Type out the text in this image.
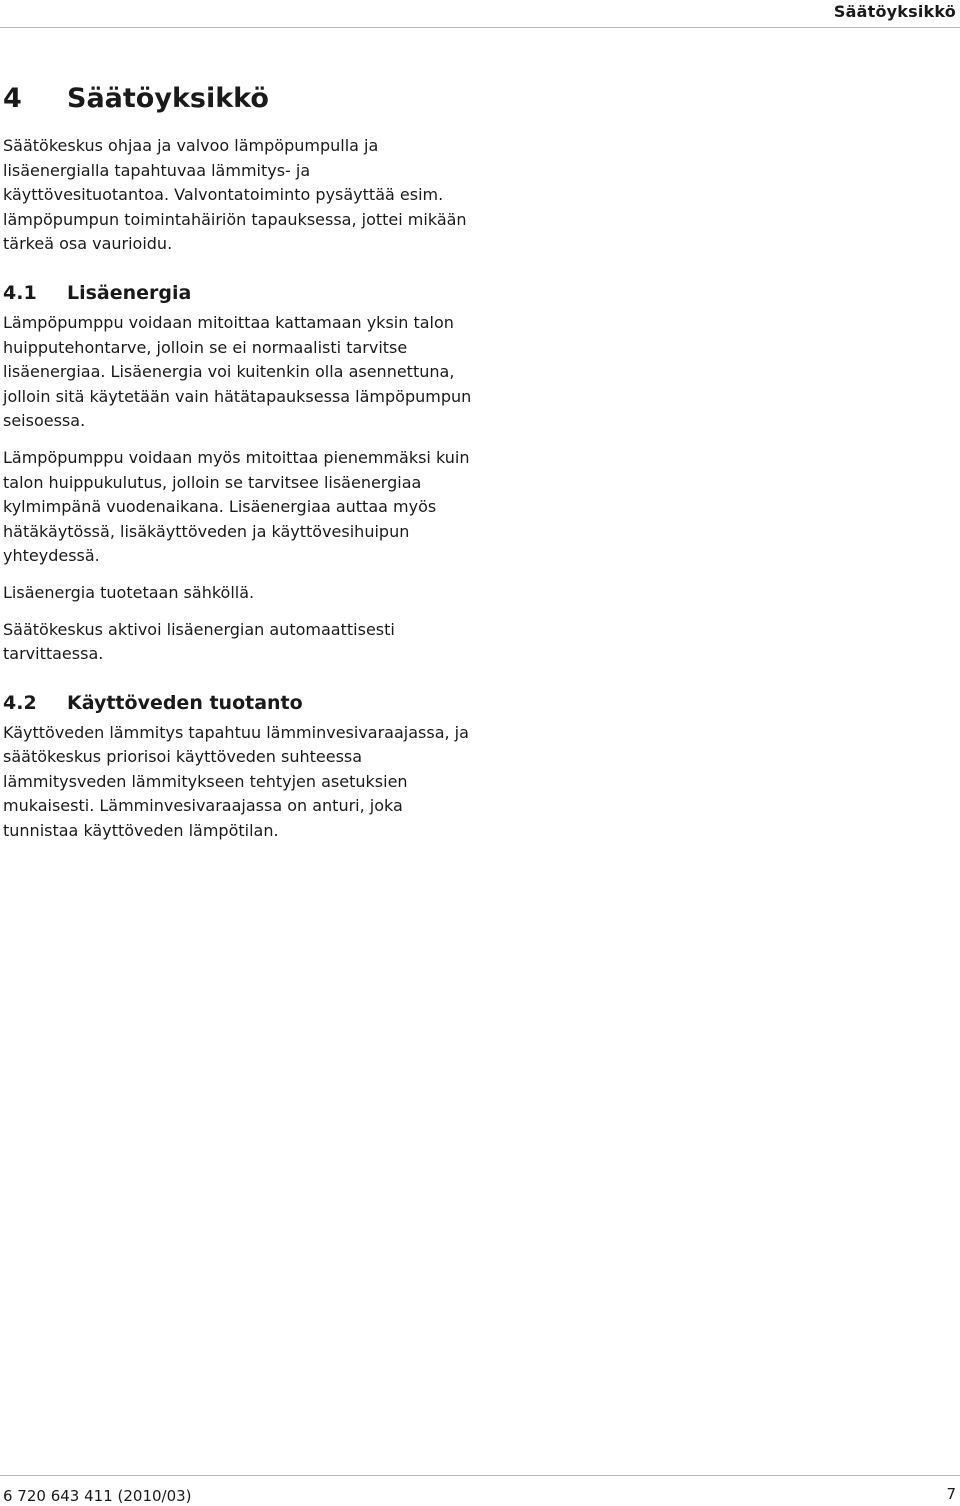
Säätöyksikkö
4 Säätöyksikkö

Säätökeskus ohjaa ja valvoo lämpöpumpulla ja lisäenergialla tapahtuvaa lämmitys- ja käyttövesituotantoa. Valvontatoiminto pysäyttää esim. lämpöpumpun toimintahäiriön tapauksessa, jottei mikään tärkeä osa vaurioidu.

4.1 Lisäenergia

Lämpöpumppu voidaan mitoittaa kattamaan yksin talon huipputehontarve, jolloin se ei normaalisti tarvitse lisäenergiaa. Lisäenergia voi kuitenkin olla asennettuna, jolloin sitä käytetään vain hätätapauksessa lämpöpumpun seisoessa.

Lämpöpumppu voidaan myös mitoittaa pienemmäksi kuin talon huippukulutus, jolloin se tarvitsee lisäenergiaa kylmimpänä vuodenaikana. Lisäenergiaa auttaa myös hätäkäytössä, lisäkäyttöveden ja käyttövesihuipun yhteydessä.

Lisäenergia tuotetaan sähköllä.

Säätökeskus aktivoi lisäenergian automaattisesti tarvittaessa.

4.2 Käyttöveden tuotanto

Käyttöveden lämmitys tapahtuu lämminvesivaraajassa, ja säätökeskus priorisoi käyttöveden suhteessa lämmitysveden lämmitykseen tehtyjen asetuksien mukaisesti. Lämminvesivaraajassa on anturi, joka tunnistaa käyttöveden lämpötilan.

6 720 643 411 (2010/03)	7
